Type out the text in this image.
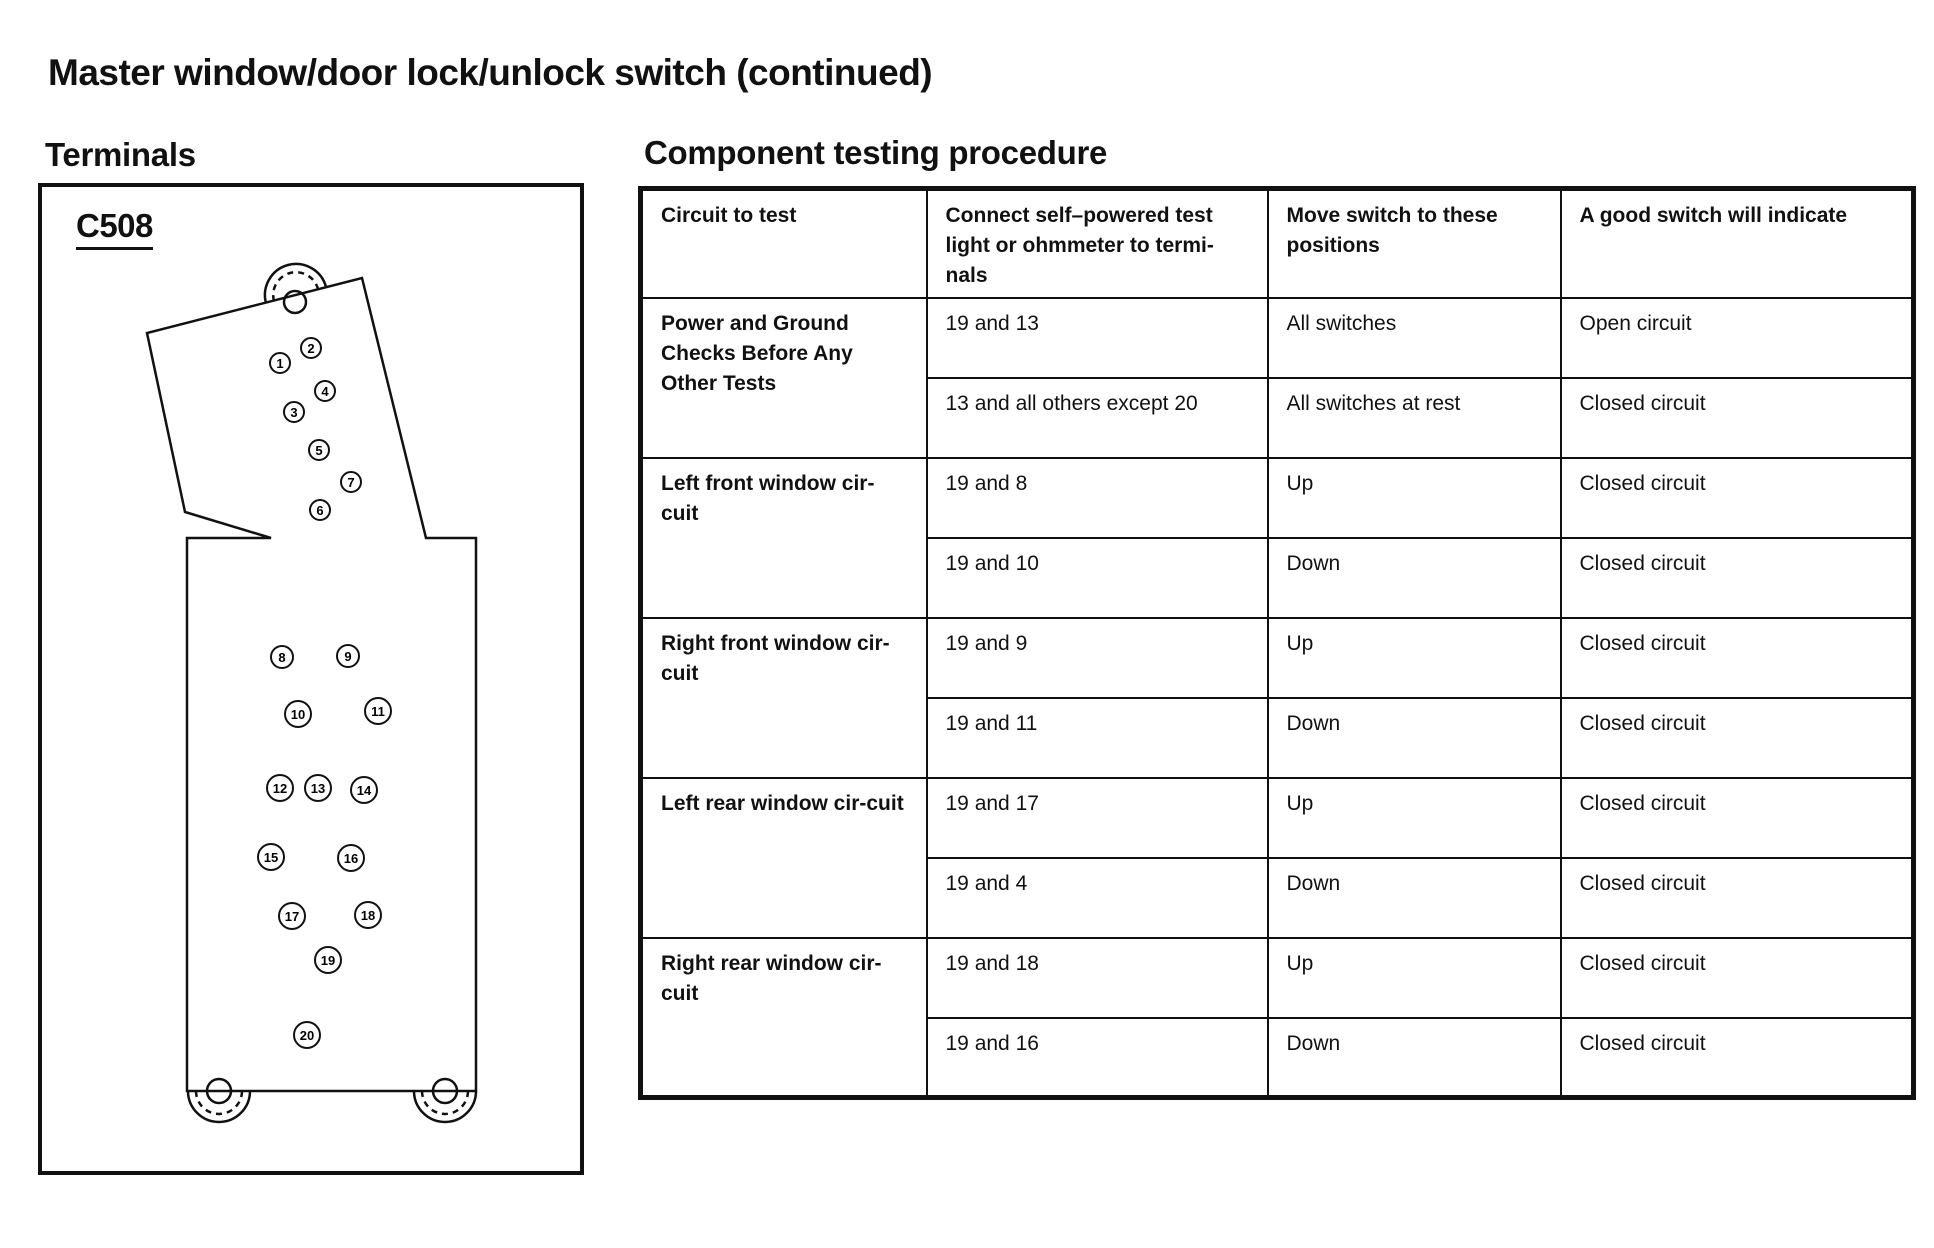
Master window/door lock/unlock switch (continued)
Terminals
C508
1
2
3
4
5
7
6
8	9
10	11
12 13 14
15	16
17	18
19
20
Component testing procedure
Circuit to test	Connect self–powered test light or ohmmeter to termi-nals	Move switch to these positions	A good switch will indicate
Power and Ground Checks Before Any Other Tests	19 and 13	All switches	Open circuit
	13 and all others except 20	All switches at rest	Closed circuit
Left front window cir-cuit	19 and 8	Up	Closed circuit
	19 and 10	Down	Closed circuit
Right front window cir-cuit	19 and 9	Up	Closed circuit
	19 and 11	Down	Closed circuit
Left rear window cir-cuit	19 and 17	Up	Closed circuit
	19 and 4	Down	Closed circuit
Right rear window cir-cuit	19 and 18	Up	Closed circuit
	19 and 16	Down	Closed circuit
